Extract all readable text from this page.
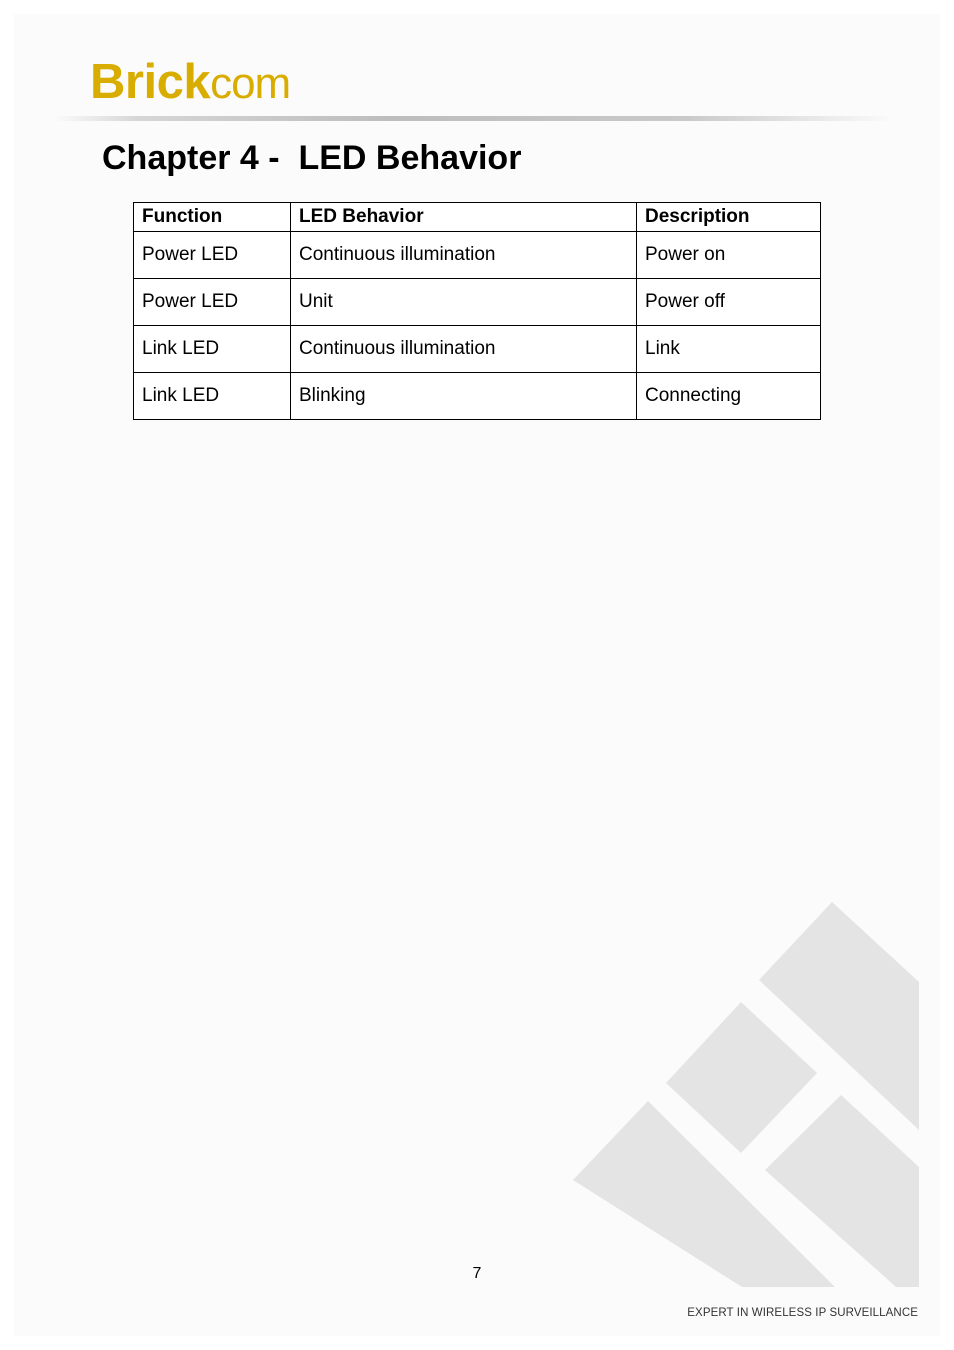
Brickcom
Chapter 4 -  LED Behavior
Function	LED Behavior	Description
Power LED	Continuous illumination	Power on
Power LED	Unit	Power off
Link LED	Continuous illumination	Link
Link LED	Blinking	Connecting
7
EXPERT IN WIRELESS IP SURVEILLANCE
